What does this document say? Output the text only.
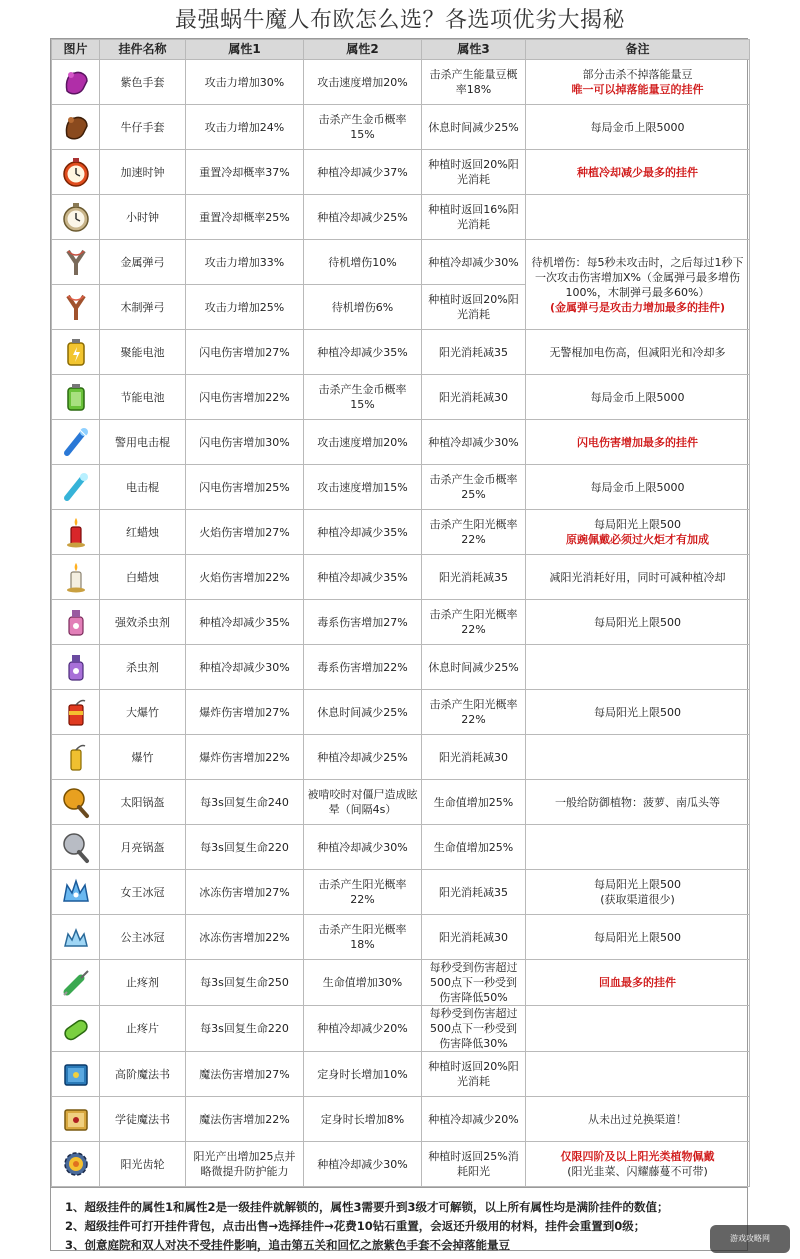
最强蜗牛魔人布欧怎么选？各选项优劣大揭秘
图片	挂件名称	属性1	属性2	属性3	备注
	紫色手套	攻击力增加30%	攻击速度增加20%	击杀产生能量豆概率18%	部分击杀不掉落能量豆
唯一可以掉落能量豆的挂件

	牛仔手套	攻击力增加24%	击杀产生金币概率15%	休息时间减少25%	每局金币上限5000

	加速时钟	重置冷却概率37%	种植冷却减少37%	种植时返回20%阳光消耗	种植冷却减少最多的挂件

	小时钟	重置冷却概率25%	种植冷却减少25%	种植时返回16%阳光消耗	
	金属弹弓	攻击力增加33%	待机增伤10%	种植冷却减少30%	待机增伤：每5秒未攻击时，之后每过1秒下一次攻击伤害增加X%（金属弹弓最多增伤100%，木制弹弓最多60%）
(金属弹弓是攻击力增加最多的挂件)

	木制弹弓	攻击力增加25%	待机增伤6%	种植时返回20%阳光消耗	
	聚能电池	闪电伤害增加27%	种植冷却减少35%	阳光消耗减35	无警棍加电伤高，但减阳光和冷却多

	节能电池	闪电伤害增加22%	击杀产生金币概率15%	阳光消耗减30	每局金币上限5000

	警用电击棍	闪电伤害增加30%	攻击速度增加20%	种植冷却减少30%	闪电伤害增加最多的挂件

	电击棍	闪电伤害增加25%	攻击速度增加15%	击杀产生金币概率25%	每局金币上限5000

	红蜡烛	火焰伤害增加27%	种植冷却减少35%	击杀产生阳光概率22%	每局阳光上限500
原豌佩戴必须过火炬才有加成

	白蜡烛	火焰伤害增加22%	种植冷却减少35%	阳光消耗减35	减阳光消耗好用，同时可减种植冷却

	强效杀虫剂	种植冷却减少35%	毒系伤害增加27%	击杀产生阳光概率22%	每局阳光上限500

	杀虫剂	种植冷却减少30%	毒系伤害增加22%	休息时间减少25%	
	大爆竹	爆炸伤害增加27%	休息时间减少25%	击杀产生阳光概率22%	每局阳光上限500

	爆竹	爆炸伤害增加22%	种植冷却减少25%	阳光消耗减30	
	太阳锅盔	每3s回复生命240	被啃咬时对僵尸造成眩晕（间隔4s）	生命值增加25%	一般给防御植物：菠萝、南瓜头等

	月亮锅盔	每3s回复生命220	种植冷却减少30%	生命值增加25%	
	女王冰冠	冰冻伤害增加27%	击杀产生阳光概率22%	阳光消耗减35	每局阳光上限500
(获取渠道很少)

	公主冰冠	冰冻伤害增加22%	击杀产生阳光概率18%	阳光消耗减30	每局阳光上限500

	止疼剂	每3s回复生命250	生命值增加30%	每秒受到伤害超过500点下一秒受到伤害降低50%	回血最多的挂件

	止疼片	每3s回复生命220	种植冷却减少20%	每秒受到伤害超过500点下一秒受到伤害降低30%	
	高阶魔法书	魔法伤害增加27%	定身时长增加10%	种植时返回20%阳光消耗	
	学徒魔法书	魔法伤害增加22%	定身时长增加8%	种植冷却减少20%	从未出过兑换渠道！

	阳光齿轮	阳光产出增加25点并略微提升防护能力	种植冷却减少30%	种植时返回25%消耗阳光	仅限四阶及以上阳光类植物佩戴
(阳光韭菜、闪耀藤蔓不可带)
1、超级挂件的属性1和属性2是一级挂件就解锁的，属性3需要升到3级才可解锁，以上所有属性均是满阶挂件的数值；
2、超级挂件可打开挂件背包，点击出售→选择挂件→花费10钻石重置，会返还升级用的材料，挂件会重置到0级；
3、创意庭院和双人对决不受挂件影响，追击第五关和回忆之旅紫色手套不会掉落能量豆	游戏攻略网
